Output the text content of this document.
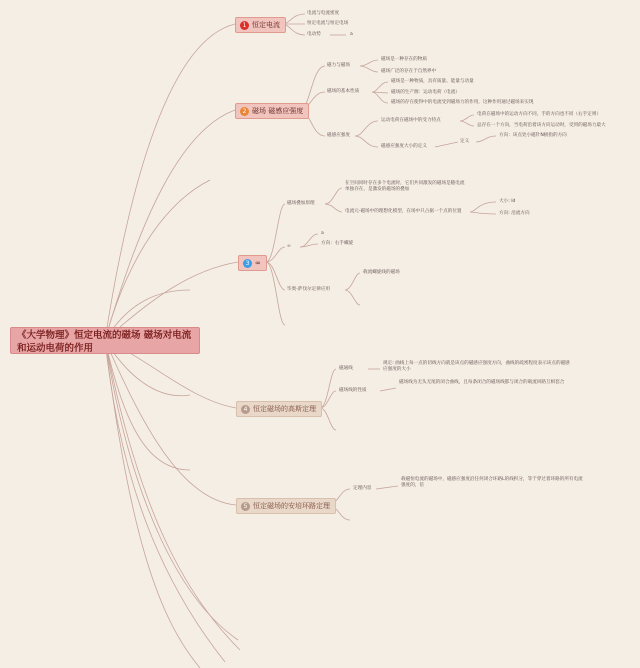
《大学物理》恒定电流的磁场 磁场对电流和运动电荷的作用
1 恒定电流
电流与电流密度
恒定电流与恒定电场
电动势	a
2 磁场 磁感应强度
磁力与磁场
磁场是一种存在的物质
磁场广泛的存在于自然界中
磁场的基本性质
磁场是一种物质，具有质量、能量与动量
磁场的生产源：运动电荷（电流）
磁场的存在使得中的电流受到磁场力的作用，这种作用通过磁场来实现
磁感应强度
运动电荷在磁场中的受力特点
电荷在磁场中的运动方向不同，手的方向也不同（右手定则）
总存在一个方向，当电荷沿着该方向运动时，受到的磁场力最大
磁感应强度大小的定义
定义
方向：该点处小磁针N极指的方向
3 ∞
磁场叠加原理
在空间同时存在多个电流时，它们共同激发的磁场是随电流单独存在，是激发的磁场的叠加
电流元-磁场中的理想化模型，在场中只占据一个点的位置
大小: Id
方向: 沿流方向
∞
a
方向：右手螺旋
毕奥-萨伐尔定律应用
载流螺旋线的磁场
4 恒定磁场的高斯定理
磁通线
规定: 曲线上每一点的切线方向就是该点的磁感应强度方向，曲线的疏密程度表示该点的磁感应强度的大小
磁场线的性质
磁场线为无头无尾的闭合曲线，且每条闭合的磁场线都与闭合的载流回路互相套合
5 恒定磁场的安培环路定理
定理内容
载磁恒电流的磁场中，磁感应强度沿任何闭合环路L的线积分，等于穿过着环路的所有电流强度的，倍
